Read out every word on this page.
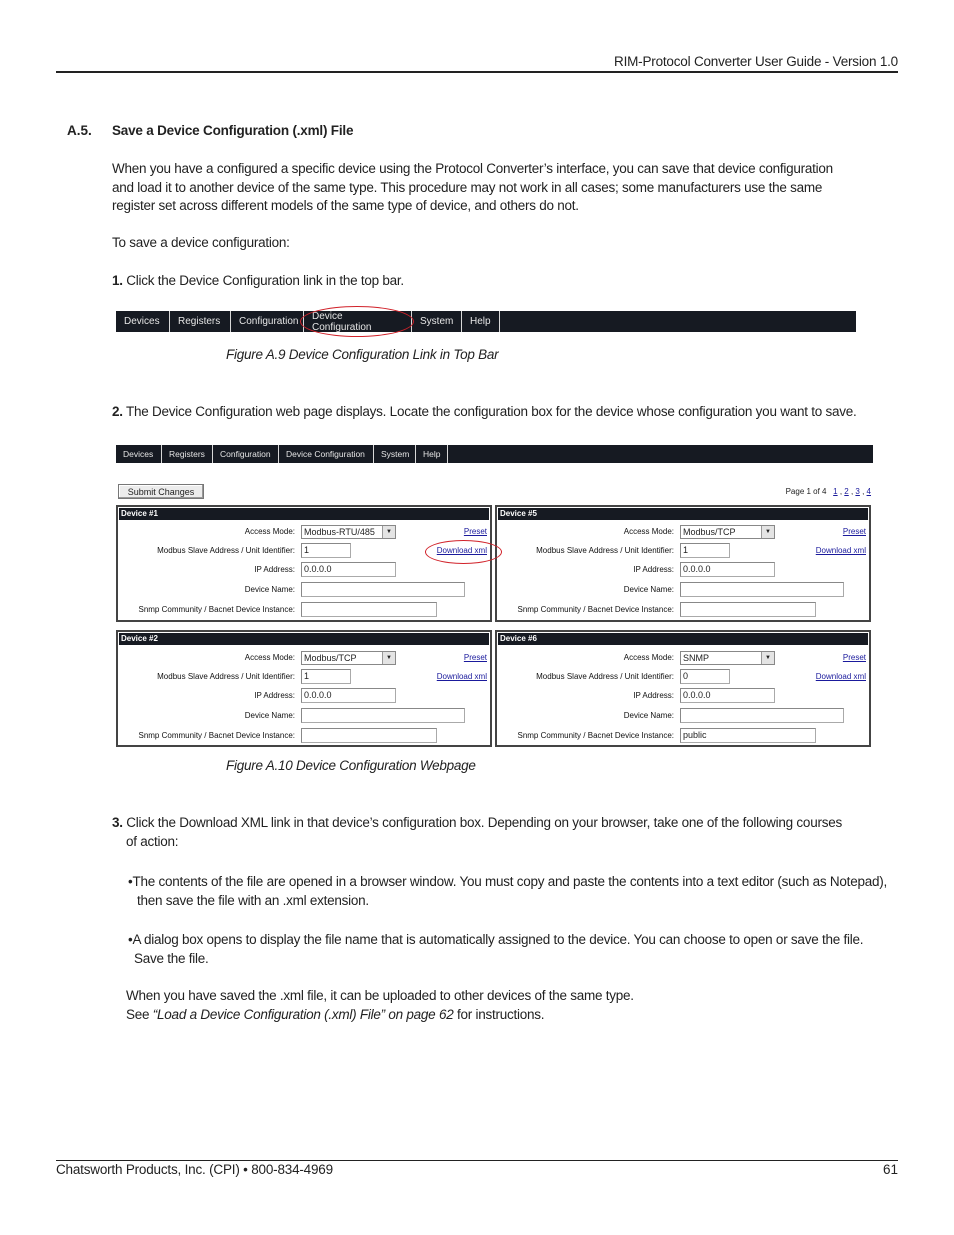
RIM-Protocol Converter User Guide - Version 1.0
A.5. Save a Device Configuration (.xml) File
When you have a configured a specific device using the Protocol Converter’s interface, you can save that device configuration
and load it to another device of the same type. This procedure may not work in all cases; some manufacturers use the same
register set across different models of the same type of device, and others do not.
To save a device configuration:
1. Click the Device Configuration link in the top bar.
Devices	Registers	Configuration	Device Configuration	System	Help
Figure A.9 Device Configuration Link in Top Bar
2. The Device Configuration web page displays. Locate the configuration box for the device whose configuration you want to save.
Devices	Registers	Configuration	Device Configuration	System	Help
Submit Changes	Page 1 of 4 1 , 2 , 3 , 4
Device #1
Access Mode:	Modbus-RTU/485	▼	Preset
Modbus Slave Address / Unit Identifier:	1	Download xml
IP Address:	0.0.0.0
Device Name:
Snmp Community / Bacnet Device Instance:
Device #5
Access Mode:	Modbus/TCP	▼	Preset
Modbus Slave Address / Unit Identifier:	1	Download xml
IP Address:	0.0.0.0
Device Name:
Snmp Community / Bacnet Device Instance:
Device #2
Access Mode:	Modbus/TCP	▼	Preset
Modbus Slave Address / Unit Identifier:	1	Download xml
IP Address:	0.0.0.0
Device Name:
Snmp Community / Bacnet Device Instance:
Device #6
Access Mode:	SNMP	▼	Preset
Modbus Slave Address / Unit Identifier:	0	Download xml
IP Address:	0.0.0.0
Device Name:
Snmp Community / Bacnet Device Instance:	public
Figure A.10 Device Configuration Webpage
3. Click the Download XML link in that device’s configuration box. Depending on your browser, take one of the following courses
of action:
•The contents of the file are opened in a browser window. You must copy and paste the contents into a text editor (such as Notepad),
then save the file with an .xml extension.
•A dialog box opens to display the file name that is automatically assigned to the device. You can choose to open or save the file.
Save the file.
When you have saved the .xml file, it can be uploaded to other devices of the same type.
See “Load a Device Configuration (.xml) File” on page 62 for instructions.
Chatsworth Products, Inc. (CPI) • 800-834-4969	61
